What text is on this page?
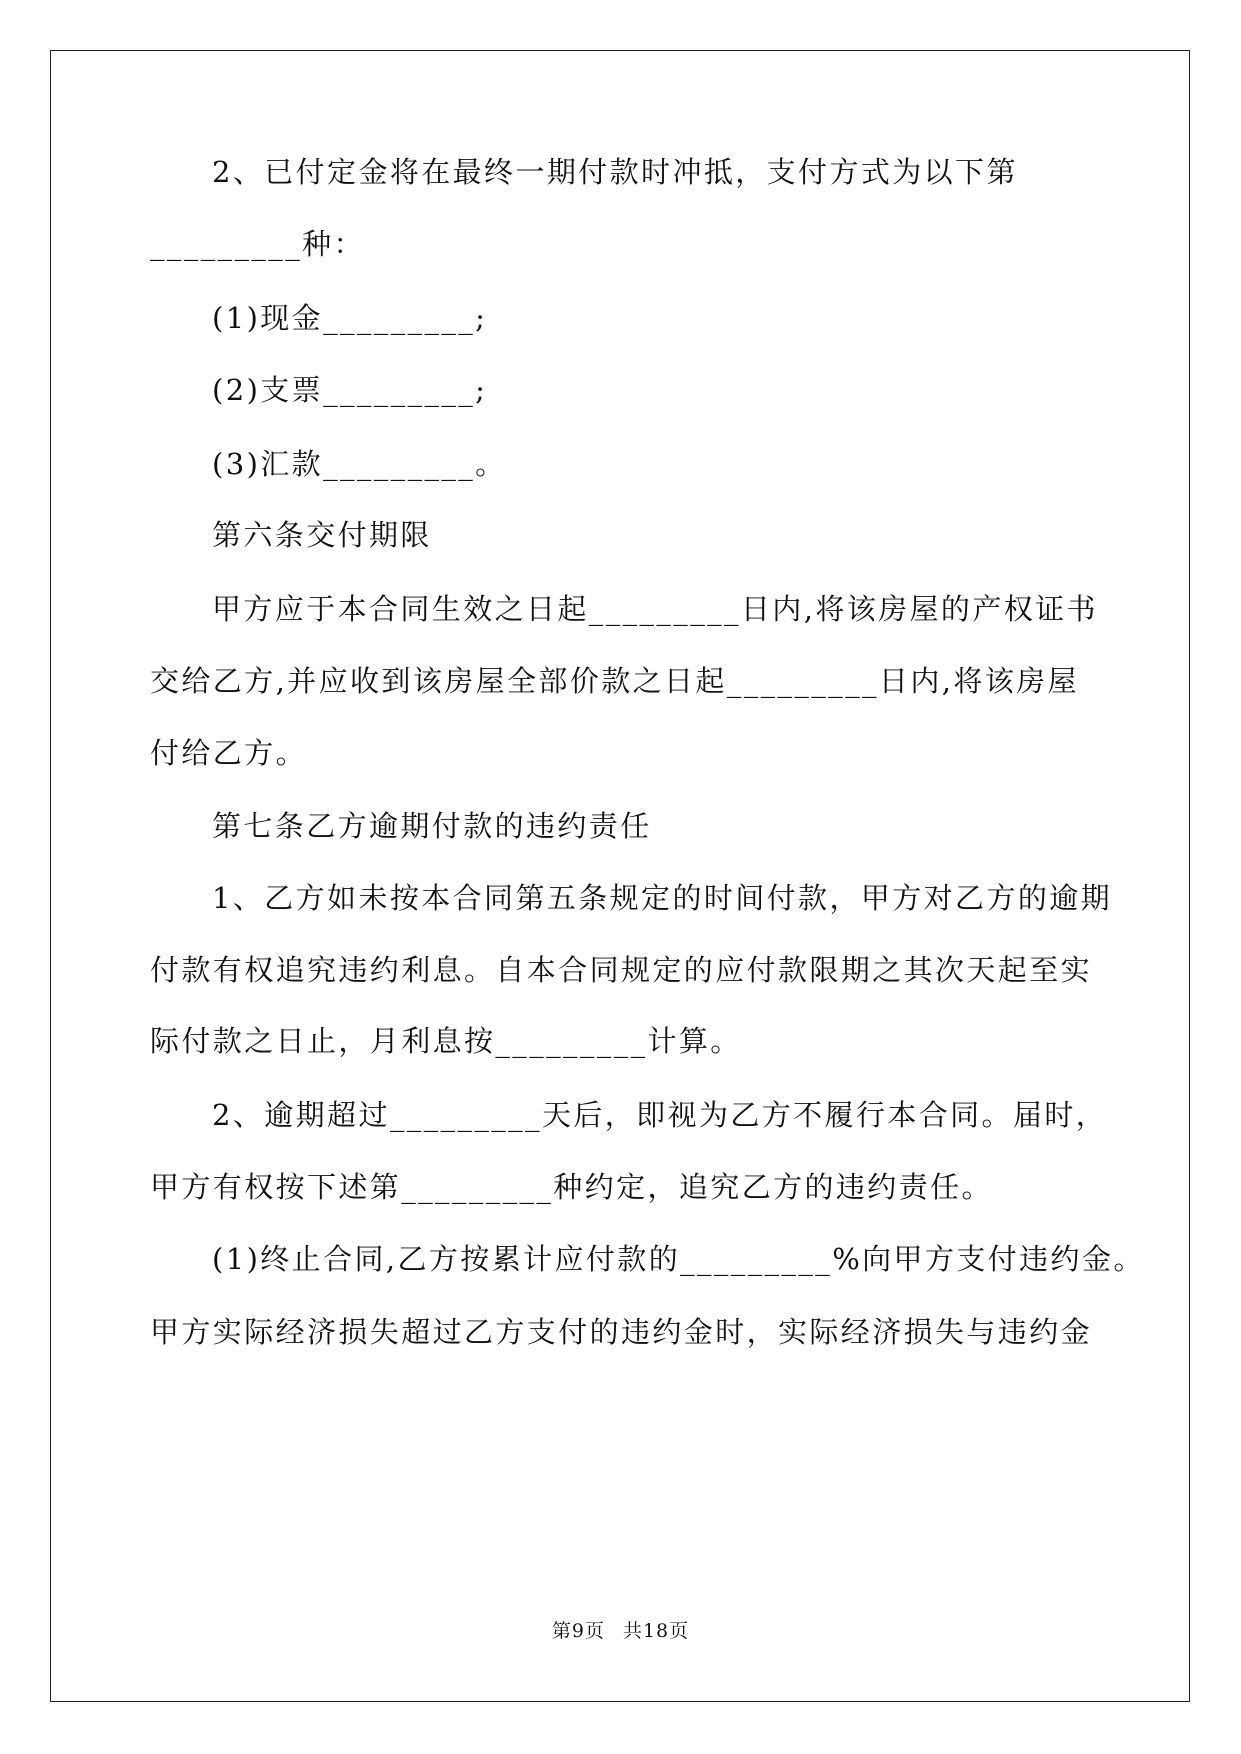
2、已付定金将在最终一期付款时冲抵，支付方式为以下第
_________种：
(1)现金_________;
(2)支票_________;
(3)汇款_________。
第六条交付期限
甲方应于本合同生效之日起_________日内,将该房屋的产权证书
交给乙方,并应收到该房屋全部价款之日起_________日内,将该房屋
付给乙方。
第七条乙方逾期付款的违约责任
1、乙方如未按本合同第五条规定的时间付款，甲方对乙方的逾期
付款有权追究违约利息。自本合同规定的应付款限期之其次天起至实
际付款之日止，月利息按_________计算。
2、逾期超过_________天后，即视为乙方不履行本合同。届时，
甲方有权按下述第_________种约定，追究乙方的违约责任。
(1)终止合同,乙方按累计应付款的_________%向甲方支付违约金。
甲方实际经济损失超过乙方支付的违约金时，实际经济损失与违约金
第9页 共18页
